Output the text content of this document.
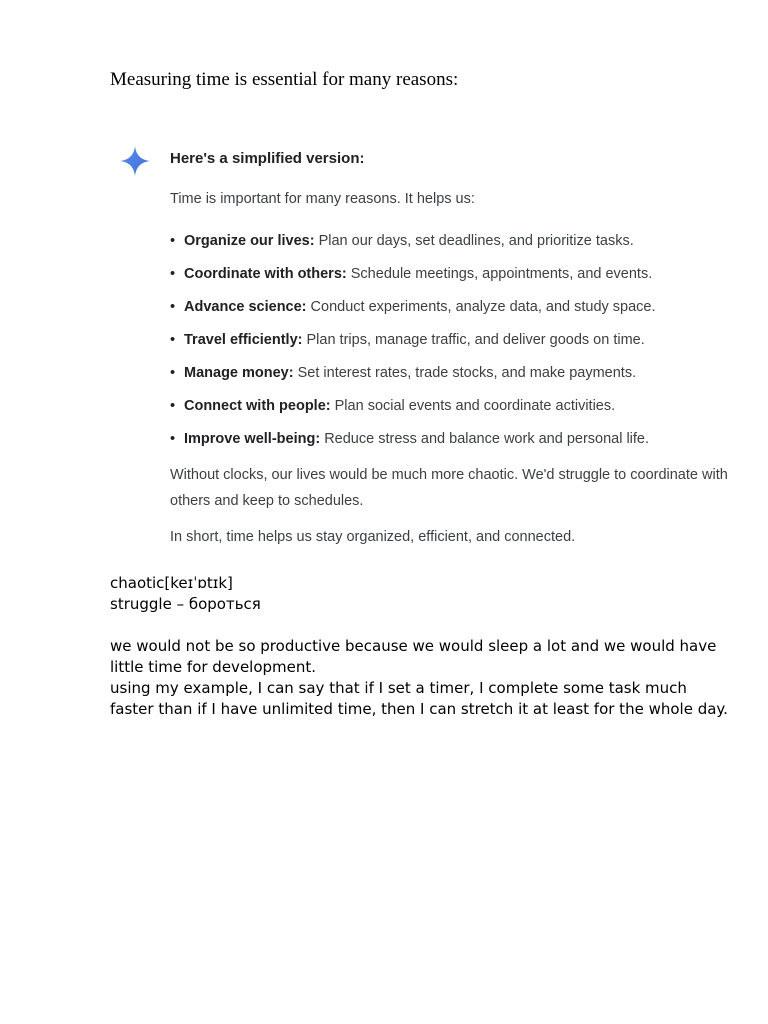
Measuring time is essential for many reasons:
Here's a simplified version:
Time is important for many reasons. It helps us:
• Organize our lives: Plan our days, set deadlines, and prioritize tasks.
• Coordinate with others: Schedule meetings, appointments, and events.
• Advance science: Conduct experiments, analyze data, and study space.
• Travel efficiently: Plan trips, manage traffic, and deliver goods on time.
• Manage money: Set interest rates, trade stocks, and make payments.
• Connect with people: Plan social events and coordinate activities.
• Improve well-being: Reduce stress and balance work and personal life.
Without clocks, our lives would be much more chaotic. We'd struggle to coordinate with others and keep to schedules.
In short, time helps us stay organized, efficient, and connected.
chaotic[keɪˈɒtɪk]
struggle – бороться
we would not be so productive because we would sleep a lot and we would have little time for development.
using my example, I can say that if I set a timer, I complete some task much faster than if I have unlimited time, then I can stretch it at least for the whole day.
